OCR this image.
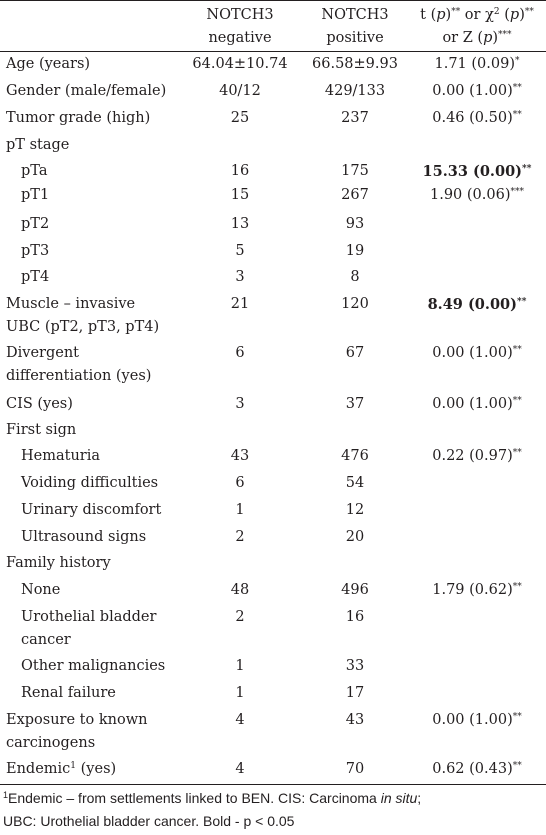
NOTCH3
negative
NOTCH3
positive
t (p)** or $\chi^2$ (p)**
or Z (p)***
Age (years)	64.04±10.74	66.58±9.93	1.71 (0.09)*
Gender (male/female)	40/12	429/133	0.00 (1.00)**
Tumor grade (high)	25	237	0.46 (0.50)**
pT stage
pTa	16	175	15.33 (0.00)**
pT1	15	267	1.90 (0.06)***
pT2	13	93
pT3	5	19
pT4	3	8
Muscle – invasive
UBC (pT2, pT3, pT4)
21	120	8.49 (0.00)**
Divergent
differentiation (yes)
6	67	0.00 (1.00)**
CIS (yes)	3	37	0.00 (1.00)**
First sign
Hematuria	43	476	0.22 (0.97)**
Voiding difficulties	6	54
Urinary discomfort	1	12
Ultrasound signs	2	20
Family history
None	48	496	1.79 (0.62)**
Urothelial bladder
cancer
2	16
Other malignancies	1	33
Renal failure	1	17
Exposure to known
carcinogens
4	43	0.00 (1.00)**
Endemic$^1$ (yes)	4	70	0.62 (0.43)**
$^1$Endemic – from settlements linked to BEN. CIS: Carcinoma in situ;
UBC: Urothelial bladder cancer. Bold - p < 0.05
